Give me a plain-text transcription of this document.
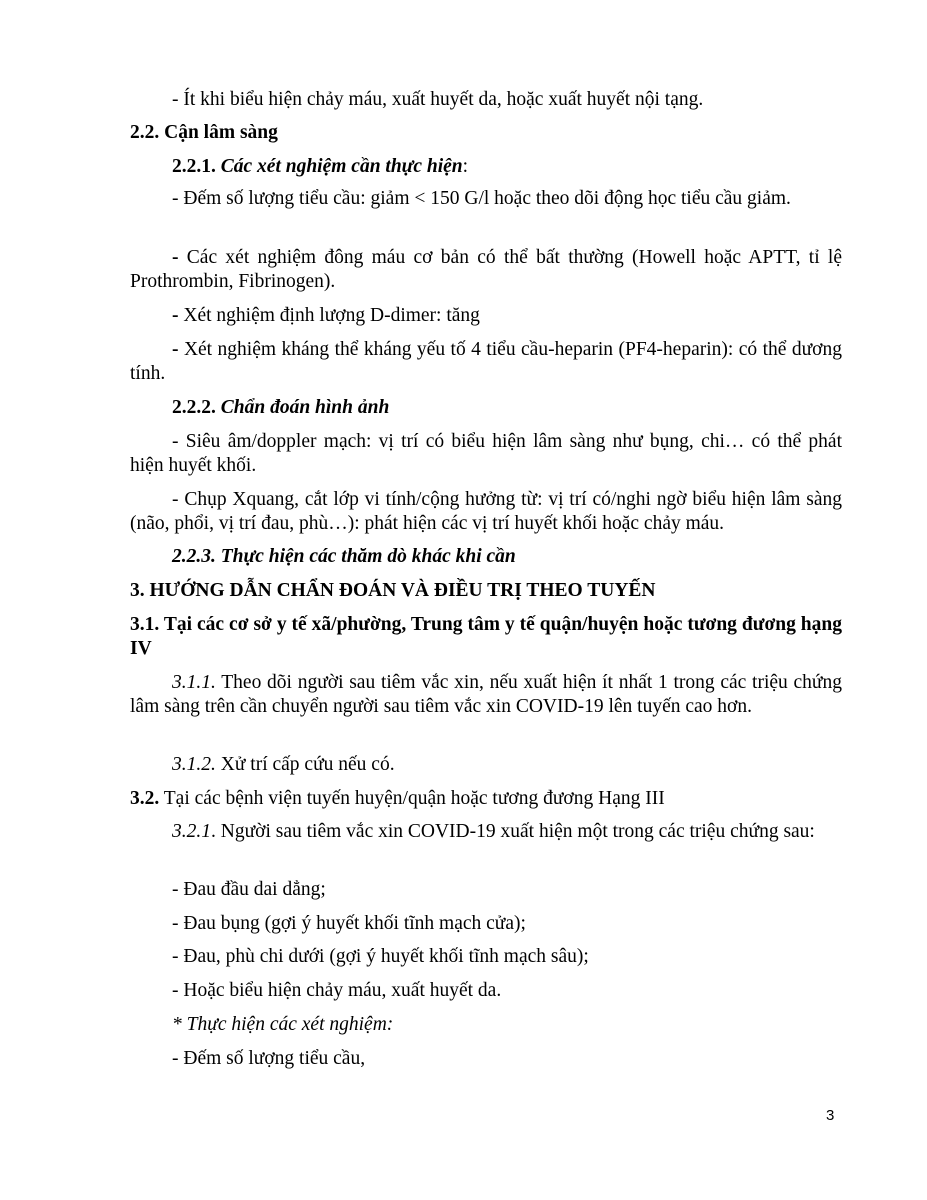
- Ít khi biểu hiện chảy máu, xuất huyết da, hoặc xuất huyết nội tạng.

2.2. Cận lâm sàng

2.2.1. Các xét nghiệm cần thực hiện:

- Đếm số lượng tiểu cầu: giảm < 150 G/l hoặc theo dõi động học tiểu cầu giảm.

- Các xét nghiệm đông máu cơ bản có thể bất thường (Howell hoặc APTT, tỉ lệ Prothrombin, Fibrinogen).

- Xét nghiệm định lượng D-dimer: tăng

- Xét nghiệm kháng thể kháng yếu tố 4 tiểu cầu-heparin (PF4-heparin): có thể dương tính.

2.2.2. Chẩn đoán hình ảnh

- Siêu âm/doppler mạch: vị trí có biểu hiện lâm sàng như bụng, chi… có thể phát hiện huyết khối.

- Chụp Xquang, cắt lớp vi tính/cộng hưởng từ: vị trí có/nghi ngờ biểu hiện lâm sàng (não, phổi, vị trí đau, phù…): phát hiện các vị trí huyết khối hoặc chảy máu.

2.2.3. Thực hiện các thăm dò khác khi cần

3. HƯỚNG DẪN CHẨN ĐOÁN VÀ ĐIỀU TRỊ THEO TUYẾN

3.1. Tại các cơ sở y tế xã/phường, Trung tâm y tế quận/huyện hoặc tương đương hạng IV

3.1.1. Theo dõi người sau tiêm vắc xin, nếu xuất hiện ít nhất 1 trong các triệu chứng lâm sàng trên cần chuyển người sau tiêm vắc xin COVID-19 lên tuyến cao hơn.

3.1.2. Xử trí cấp cứu nếu có.

3.2. Tại các bệnh viện tuyến huyện/quận hoặc tương đương Hạng III

3.2.1. Người sau tiêm vắc xin COVID-19 xuất hiện một trong các triệu chứng sau:

- Đau đầu dai dẳng;

- Đau bụng (gợi ý huyết khối tĩnh mạch cửa);

- Đau, phù chi dưới (gợi ý huyết khối tĩnh mạch sâu);

- Hoặc biểu hiện chảy máu, xuất huyết da.

* Thực hiện các xét nghiệm:

- Đếm số lượng tiểu cầu,

3
